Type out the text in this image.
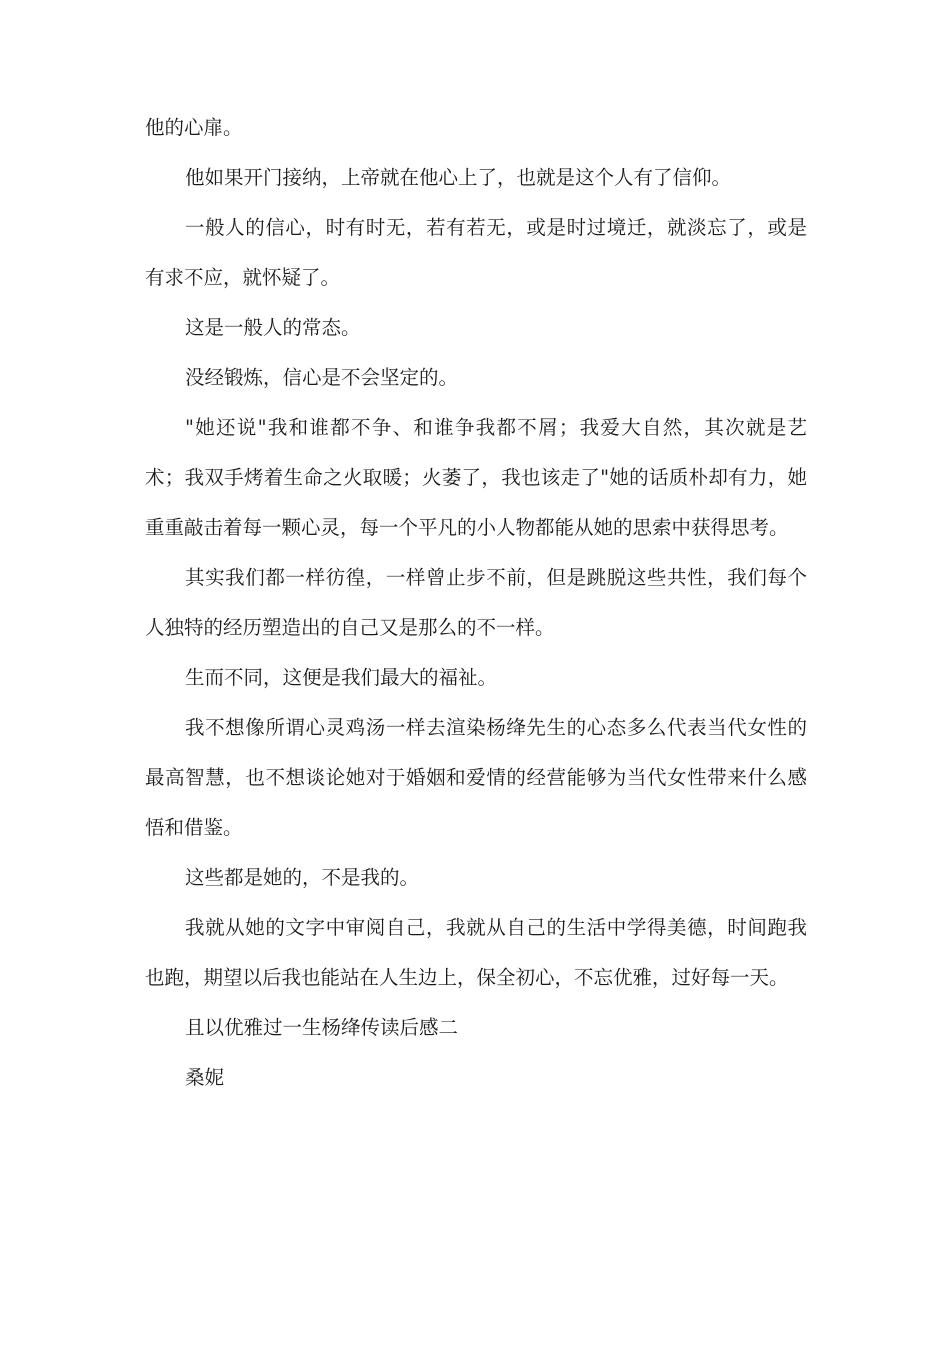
他的心扉。

他如果开门接纳，上帝就在他心上了，也就是这个人有了信仰。

一般人的信心，时有时无，若有若无，或是时过境迁，就淡忘了，或是有求不应，就怀疑了。

这是一般人的常态。

没经锻炼，信心是不会坚定的。

"她还说"我和谁都不争、和谁争我都不屑；我爱大自然，其次就是艺术；我双手烤着生命之火取暖；火萎了，我也该走了"她的话质朴却有力，她重重敲击着每一颗心灵，每一个平凡的小人物都能从她的思索中获得思考。

其实我们都一样彷徨，一样曾止步不前，但是跳脱这些共性，我们每个人独特的经历塑造出的自己又是那么的不一样。

生而不同，这便是我们最大的福祉。

我不想像所谓心灵鸡汤一样去渲染杨绛先生的心态多么代表当代女性的最高智慧，也不想谈论她对于婚姻和爱情的经营能够为当代女性带来什么感悟和借鉴。

这些都是她的，不是我的。

我就从她的文字中审阅自己，我就从自己的生活中学得美德，时间跑我也跑，期望以后我也能站在人生边上，保全初心，不忘优雅，过好每一天。

且以优雅过一生杨绛传读后感二

桑妮
